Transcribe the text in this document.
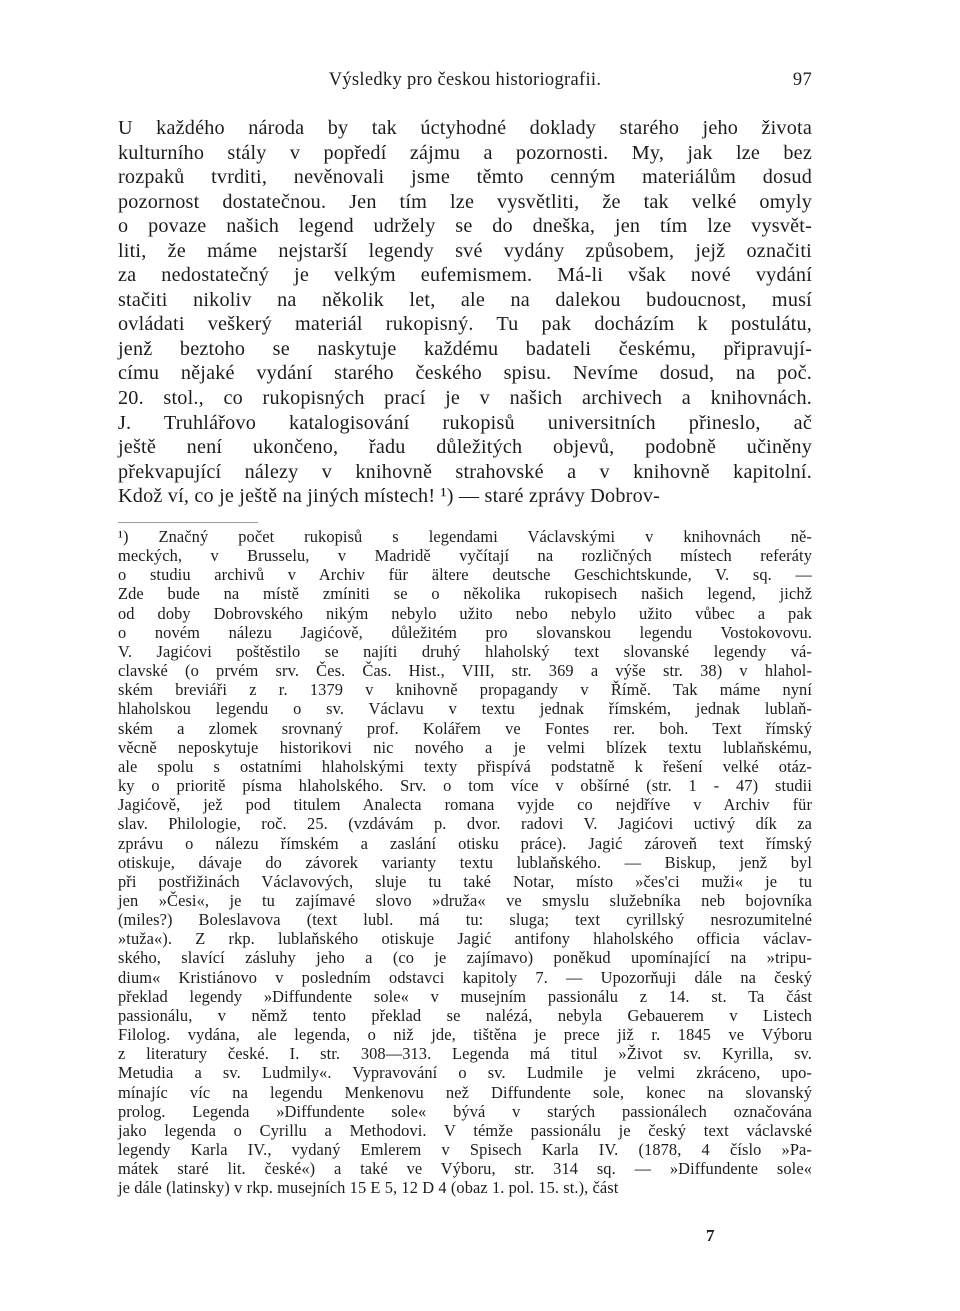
Výsledky pro českou historiografii.	97
U každého národa by tak úctyhodné doklady starého jeho života
kulturního stály v popředí zájmu a pozornosti. My, jak lze bez
rozpaků tvrditi, nevěnovali jsme těmto cenným materiálům dosud
pozornost dostatečnou. Jen tím lze vysvětliti, že tak velké omyly
o povaze našich legend udržely se do dneška, jen tím lze vysvět-
liti, že máme nejstarší legendy své vydány způsobem, jejž označiti
za nedostatečný je velkým eufemismem. Má-li však nové vydání
stačiti nikoliv na několik let, ale na dalekou budoucnost, musí
ovládati veškerý materiál rukopisný. Tu pak docházím k postulátu,
jenž beztoho se naskytuje každému badateli českému, připravují-
címu nějaké vydání starého českého spisu. Nevíme dosud, na poč.
20. stol., co rukopisných prací je v našich archivech a knihovnách.
J. Truhlářovo katalogisování rukopisů universitních přineslo, ač
ještě není ukončeno, řadu důležitých objevů, podobně učiněny
překvapující nálezy v knihovně strahovské a v knihovně kapitolní.
Kdož ví, co je ještě na jiných místech! ¹) — staré zprávy Dobrov-
¹) Značný počet rukopisů s legendami Václavskými v knihovnách ně-
meckých, v Brusselu, v Madridě vyčítají na rozličných místech referáty
o studiu archivů v Archiv für ältere deutsche Geschichtskunde, V. sq. —
Zde bude na místě zmíniti se o několika rukopisech našich legend, jichž
od doby Dobrovského nikým nebylo užito nebo nebylo užito vůbec a pak
o novém nálezu Jagićově, důležitém pro slovanskou legendu Vostokovovu.
V. Jagićovi poštěstilo se najíti druhý hlaholský text slovanské legendy vá-
clavské (o prvém srv. Čes. Čas. Hist., VIII, str. 369 a výše str. 38) v hlahol-
ském breviáři z r. 1379 v knihovně propagandy v Římě. Tak máme nyní
hlaholskou legendu o sv. Václavu v textu jednak římském, jednak lublaň-
ském a zlomek srovnaný prof. Kolářem ve Fontes rer. boh. Text římský
věcně neposkytuje historikovi nic nového a je velmi blízek textu lublaňskému,
ale spolu s ostatními hlaholskými texty přispívá podstatně k řešení velké otáz-
ky o prioritě písma hlaholského. Srv. o tom více v obšírné (str. 1 - 47) studii
Jagićově, jež pod titulem Analecta romana vyjde co nejdříve v Archiv für
slav. Philologie, roč. 25. (vzdávám p. dvor. radovi V. Jagićovi uctivý dík za
zprávu o nálezu římském a zaslání otisku práce). Jagić zároveň text římský
otiskuje, dávaje do závorek varianty textu lublaňského. — Biskup, jenž byl
při postřižinách Václavových, sluje tu také Notar, místo »čes'ci muži« je tu
jen »Česi«, je tu zajímavé slovo »druža« ve smyslu služebníka neb bojovníka
(miles?) Boleslavova (text lubl. má tu: sluga; text cyrillský nesrozumitelné
»tuža«). Z rkp. lublaňského otiskuje Jagić antifony hlaholského officia václav-
ského, slavící zásluhy jeho a (co je zajímavo) poněkud upomínající na »tripu-
dium« Kristiánovo v posledním odstavci kapitoly 7. — Upozorňuji dále na český
překlad legendy »Diffundente sole« v musejním passionálu z 14. st. Ta část
passionálu, v němž tento překlad se nalézá, nebyla Gebauerem v Listech
Filolog. vydána, ale legenda, o niž jde, tištěna je prece již r. 1845 ve Výboru
z literatury české. I. str. 308—313. Legenda má titul »Život sv. Kyrilla, sv.
Metudia a sv. Ludmily«. Vypravování o sv. Ludmile je velmi zkráceno, upo-
mínajíc víc na legendu Menkenovu než Diffundente sole, konec na slovanský
prolog. Legenda »Diffundente sole« bývá v starých passionálech označována
jako legenda o Cyrillu a Methodovi. V témže passionálu je český text václavské
legendy Karla IV., vydaný Emlerem v Spisech Karla IV. (1878, 4 číslo »Pa-
mátek staré lit. české«) a také ve Výboru, str. 314 sq. — »Diffundente sole«
je dále (latinsky) v rkp. musejních 15 E 5, 12 D 4 (obaz 1. pol. 15. st.), část
7
